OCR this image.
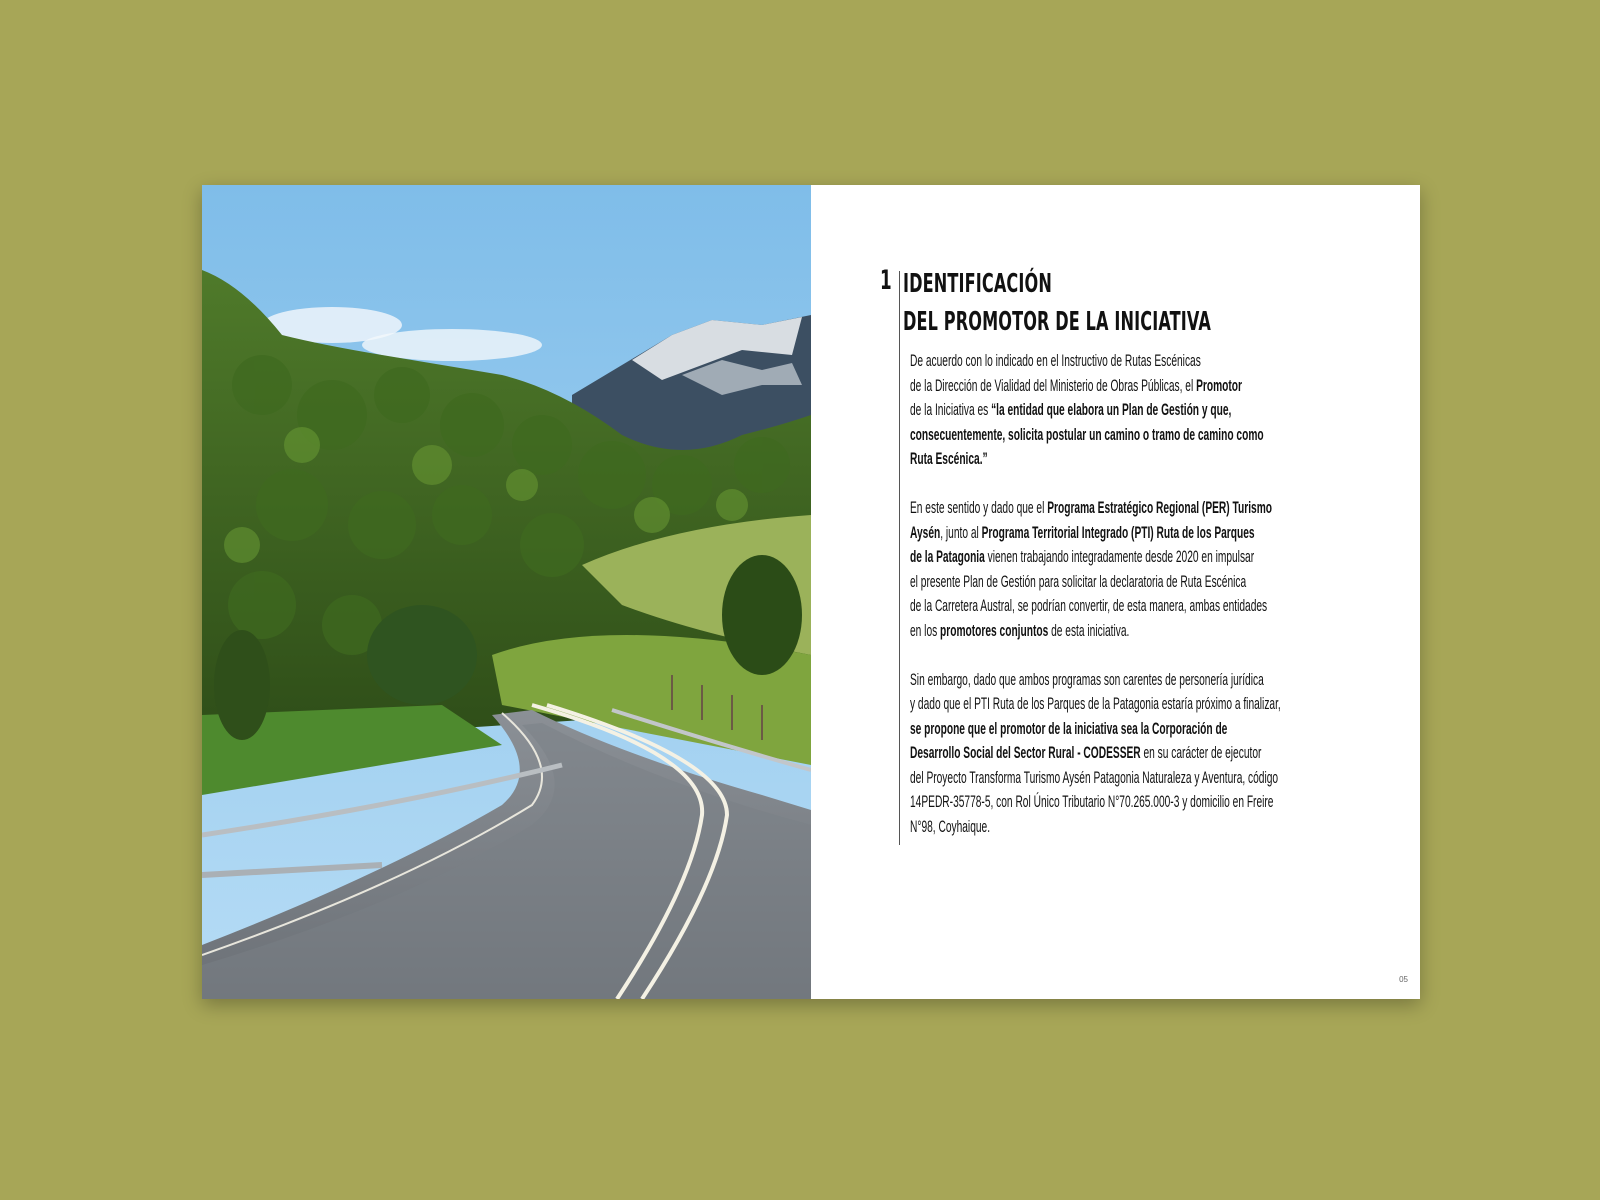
1 IDENTIFICACIÓN
DEL PROMOTOR DE LA INICIATIVA
De acuerdo con lo indicado en el Instructivo de Rutas Escénicas
de la Dirección de Vialidad del Ministerio de Obras Públicas, el Promotor
de la Iniciativa es “la entidad que elabora un Plan de Gestión y que,
consecuentemente, solicita postular un camino o tramo de camino como
Ruta Escénica.”
En este sentido y dado que el Programa Estratégico Regional (PER) Turismo
Aysén, junto al Programa Territorial Integrado (PTI) Ruta de los Parques
de la Patagonia vienen trabajando integradamente desde 2020 en impulsar
el presente Plan de Gestión para solicitar la declaratoria de Ruta Escénica
de la Carretera Austral, se podrían convertir, de esta manera, ambas entidades
en los promotores conjuntos de esta iniciativa.
Sin embargo, dado que ambos programas son carentes de personería jurídica
y dado que el PTI Ruta de los Parques de la Patagonia estaría próximo a finalizar,
se propone que el promotor de la iniciativa sea la Corporación de
Desarrollo Social del Sector Rural - CODESSER en su carácter de ejecutor
del Proyecto Transforma Turismo Aysén Patagonia Naturaleza y Aventura, código
14PEDR-35778-5, con Rol Único Tributario N°70.265.000-3 y domicilio en Freire
N°98, Coyhaique.
05
